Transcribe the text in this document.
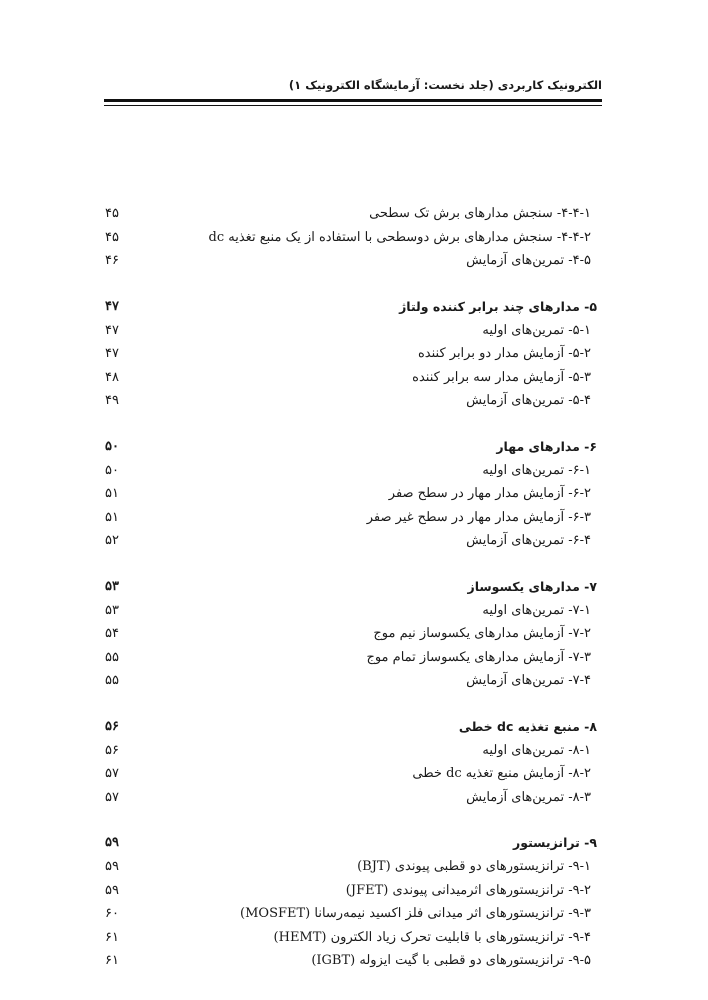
الکترونیک کاربردی (جلد نخست: آزمایشگاه الکترونیک ۱)
۴-۴-۱- سنجش مدارهای برش تک سطحی
۴۵
۴-۴-۲- سنجش مدارهای برش دوسطحی با استفاده از یک منبع تغذیه dc
۴۵
۴-۵- تمرین‌های آزمایش
۴۶
۵- مدارهای چند برابر کننده ولتاژ
۴۷
۵-۱- تمرین‌های اولیه
۴۷
۵-۲- آزمایش مدار دو برابر کننده
۴۷
۵-۳- آزمایش مدار سه برابر کننده
۴۸
۵-۴- تمرین‌های آزمایش
۴۹
۶- مدارهای مهار
۵۰
۶-۱- تمرین‌های اولیه
۵۰
۶-۲- آزمایش مدار مهار در سطح صفر
۵۱
۶-۳- آزمایش مدار مهار در سطح غیر صفر
۵۱
۶-۴- تمرین‌های آزمایش
۵۲
۷- مدارهای یکسوساز
۵۳
۷-۱- تمرین‌های اولیه
۵۳
۷-۲- آزمایش مدارهای یکسوساز نیم موج
۵۴
۷-۳- آزمایش مدارهای یکسوساز تمام موج
۵۵
۷-۴- تمرین‌های آزمایش
۵۵
۸- منبع تغذیه dc خطی
۵۶
۸-۱- تمرین‌های اولیه
۵۶
۸-۲- آزمایش منبع تغذیه dc خطی
۵۷
۸-۳- تمرین‌های آزمایش
۵۷
۹- ترانزیستور
۵۹
۹-۱- ترانزیستورهای دو قطبی پیوندی (BJT)
۵۹
۹-۲- ترانزیستورهای اثرمیدانی پیوندی (JFET)
۵۹
۹-۳- ترانزیستورهای اثر میدانی فلز اکسید نیمه‌رسانا (MOSFET)
۶۰
۹-۴- ترانزیستورهای با قابلیت تحرک زیاد الکترون (HEMT)
۶۱
۹-۵- ترانزیستورهای دو قطبی با گیت ایزوله (IGBT)
۶۱
